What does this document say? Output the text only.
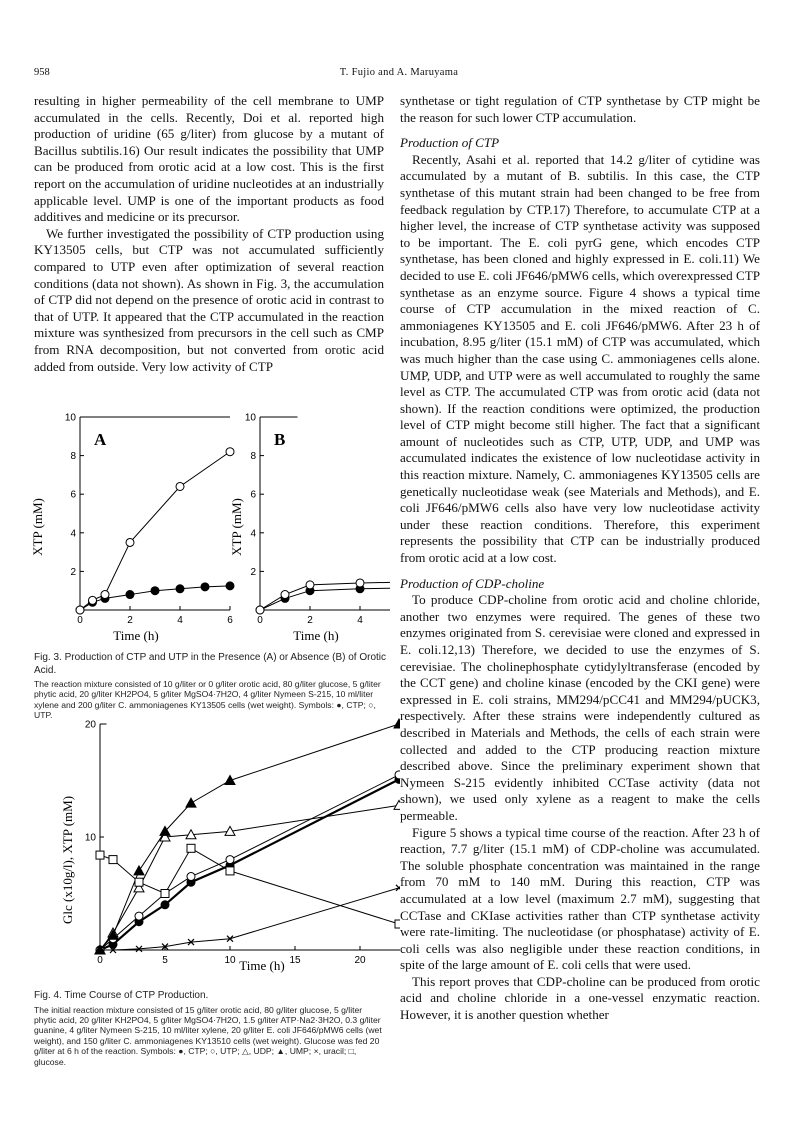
958	T. Fujio and A. Maruyama

resulting in higher permeability of the cell membrane to UMP accumulated in the cells. Recently, Doi et al. reported high production of uridine (65 g/liter) from glucose by a mutant of Bacillus subtilis.16) Our result indicates the possibility that UMP can be produced from orotic acid at a low cost. This is the first report on the accumulation of uridine nucleotides at an industrially applicable level. UMP is one of the important products as food additives and medicine or its precursor.

We further investigated the possibility of CTP production using KY13505 cells, but CTP was not accumulated sufficiently compared to UTP even after optimization of several reaction conditions (data not shown). As shown in Fig. 3, the accumulation of CTP did not depend on the presence of orotic acid in contrast to that of UTP. It appeared that the CTP accumulated in the reaction mixture was synthesized from precursors in the cell such as CMP from RNA decomposition, but not converted from orotic acid added from outside. Very low activity of CTP

synthetase or tight regulation of CTP synthetase by CTP might be the reason for such lower CTP accumulation.

Production of CTP

Recently, Asahi et al. reported that 14.2 g/liter of cytidine was accumulated by a mutant of B. subtilis. In this case, the CTP synthetase of this mutant strain had been changed to be free from feedback regulation by CTP.17) Therefore, to accumulate CTP at a higher level, the increase of CTP synthetase activity was supposed to be important. The E. coli pyrG gene, which encodes CTP synthetase, has been cloned and highly expressed in E. coli.11) We decided to use E. coli JF646/pMW6 cells, which overexpressed CTP synthetase as an enzyme source. Figure 4 shows a typical time course of CTP accumulation in the mixed reaction of C. ammoniagenes KY13505 and E. coli JF646/pMW6. After 23 h of incubation, 8.95 g/liter (15.1 mM) of CTP was accumulated, which was much higher than the case using C. ammoniagenes cells alone. UMP, UDP, and UTP were as well accumulated to roughly the same level as CTP. The accumulated CTP was from orotic acid (data not shown). If the reaction conditions were optimized, the production level of CTP might become still higher. The fact that a significant amount of nucleotides such as CTP, UTP, UDP, and UMP was accumulated indicates the existence of low nucleotidase activity in this reaction mixture. Namely, C. ammoniagenes KY13505 cells are genetically nucleotidase weak (see Materials and Methods), and E. coli JF646/pMW6 cells also have very low nucleotidase activity under these reaction conditions. Therefore, this experiment represents the possibility that CTP can be industrially produced from orotic acid at a low cost.

Production of CDP-choline

To produce CDP-choline from orotic acid and choline chloride, another two enzymes were required. The genes of these two enzymes originated from S. cerevisiae were cloned and expressed in E. coli.12,13) Therefore, we decided to use the enzymes of S. cerevisiae. The cholinephosphate cytidylyltransferase (encoded by the CCT gene) and choline kinase (encoded by the CKI gene) were expressed in E. coli strains, MM294/pCC41 and MM294/pUCK3, respectively. After these strains were independently cultured as described in Materials and Methods, the cells of each strain were collected and added to the CTP producing reaction mixture described above. Since the preliminary experiment shown that Nymeen S-215 evidently inhibited CCTase activity (data not shown), we used only xylene as a reagent to make the cells permeable.

Figure 5 shows a typical time course of the reaction. After 23 h of reaction, 7.7 g/liter (15.1 mM) of CDP-choline was accumulated. The soluble phosphate concentration was maintained in the range from 70 mM to 140 mM. During this reaction, CTP was accumulated at a low level (maximum 2.7 mM), suggesting that CCTase and CKIase activities rather than CTP synthetase activity were rate-limiting. The nucleotidase (or phosphatase) activity of E. coli cells was also negligible under these reaction conditions, in spite of the large amount of E. coli cells that were used.

This report proves that CDP-choline can be produced from orotic acid and choline chloride in a one-vessel enzymatic reaction. However, it is another question whether

0	2	4	6
2
4
6
8
10
0	2	4
2
4
6
8
10
A	B
XTP (mM)	XTP (mM)
Time (h)	Time (h)
Fig. 3. Production of CTP and UTP in the Presence (A) or Absence (B) of Orotic Acid.
The reaction mixture consisted of 10 g/liter or 0 g/liter orotic acid, 80 g/liter glucose, 5 g/liter phytic acid, 20 g/liter KH2PO4, 5 g/liter MgSO4·7H2O, 4 g/liter Nymeen S-215, 10 ml/liter xylene and 200 g/liter C. ammoniagenes KY13505 cells (wet weight). Symbols: ●, CTP; ○, UTP.
0	5	10	15	20
10
20
Glc (x10g/l), XTP (mM)
Time (h)
Fig. 4. Time Course of CTP Production.
The initial reaction mixture consisted of 15 g/liter orotic acid, 80 g/liter glucose, 5 g/liter phytic acid, 20 g/liter KH2PO4, 5 g/liter MgSO4·7H2O, 1.5 g/liter ATP·Na2·3H2O, 0.3 g/liter guanine, 4 g/liter Nymeen S-215, 10 ml/liter xylene, 20 g/liter E. coli JF646/pMW6 cells (wet weight), and 150 g/liter C. ammoniagenes KY13510 cells (wet weight). Glucose was fed 20 g/liter at 6 h of the reaction. Symbols: ●, CTP; ○, UTP; △, UDP; ▲, UMP; ×, uracil; □, glucose.
